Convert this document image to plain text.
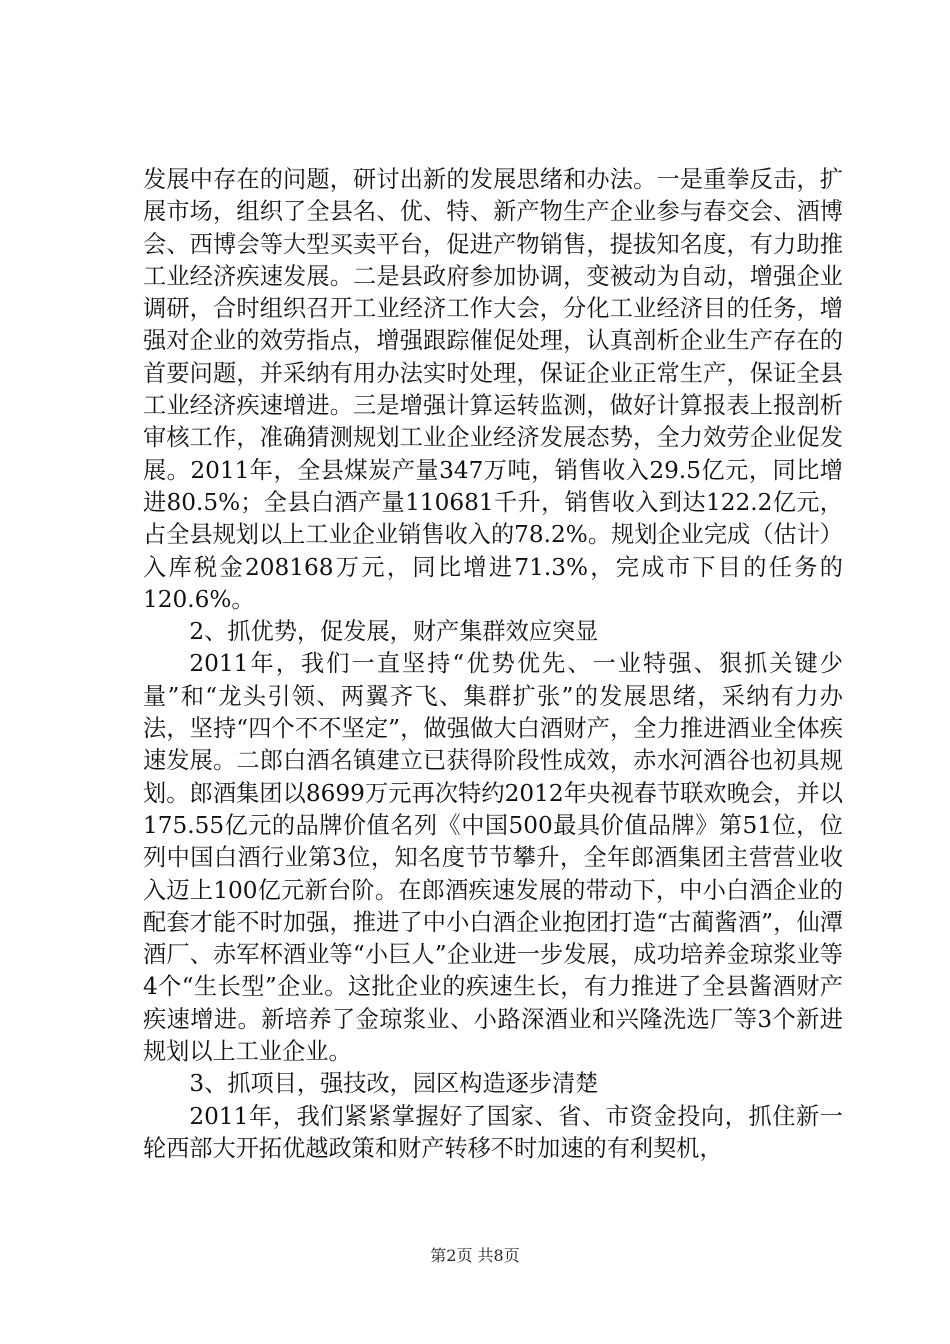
发展中存在的问题，研讨出新的发展思绪和办法。一是重拳反击，扩展市场，组织了全县名、优、特、新产物生产企业参与春交会、酒博会、西博会等大型买卖平台，促进产物销售，提拔知名度，有力助推工业经济疾速发展。二是县政府参加协调，变被动为自动，增强企业调研，合时组织召开工业经济工作大会，分化工业经济目的任务，增强对企业的效劳指点，增强跟踪催促处理，认真剖析企业生产存在的首要问题，并采纳有用办法实时处理，保证企业正常生产，保证全县工业经济疾速增进。三是增强计算运转监测，做好计算报表上报剖析审核工作，准确猜测规划工业企业经济发展态势，全力效劳企业促发展。2011年，全县煤炭产量347万吨，销售收入29.5亿元，同比增进80.5%；全县白酒产量110681千升，销售收入到达122.2亿元，占全县规划以上工业企业销售收入的78.2%。规划企业完成（估计）入库税金208168万元，同比增进71.3%，完成市下目的任务的120.6%。

2、抓优势，促发展，财产集群效应突显

2011年，我们一直坚持“优势优先、一业特强、狠抓关键少量”和“龙头引领、两翼齐飞、集群扩张”的发展思绪，采纳有力办法，坚持“四个不不坚定”，做强做大白酒财产，全力推进酒业全体疾速发展。二郎白酒名镇建立已获得阶段性成效，赤水河酒谷也初具规划。郎酒集团以8699万元再次特约2012年央视春节联欢晚会，并以175.55亿元的品牌价值名列《中国500最具价值品牌》第51位，位列中国白酒行业第3位，知名度节节攀升，全年郎酒集团主营营业收入迈上100亿元新台阶。在郎酒疾速发展的带动下，中小白酒企业的配套才能不时加强，推进了中小白酒企业抱团打造“古蔺酱酒”，仙潭酒厂、赤军杯酒业等“小巨人”企业进一步发展，成功培养金琼浆业等4个“生长型”企业。这批企业的疾速生长，有力推进了全县酱酒财产疾速增进。新培养了金琼浆业、小路深酒业和兴隆洗选厂等3个新进规划以上工业企业。

3、抓项目，强技改，园区构造逐步清楚

2011年，我们紧紧掌握好了国家、省、市资金投向，抓住新一轮西部大开拓优越政策和财产转移不时加速的有利契机，

第2页 共8页
